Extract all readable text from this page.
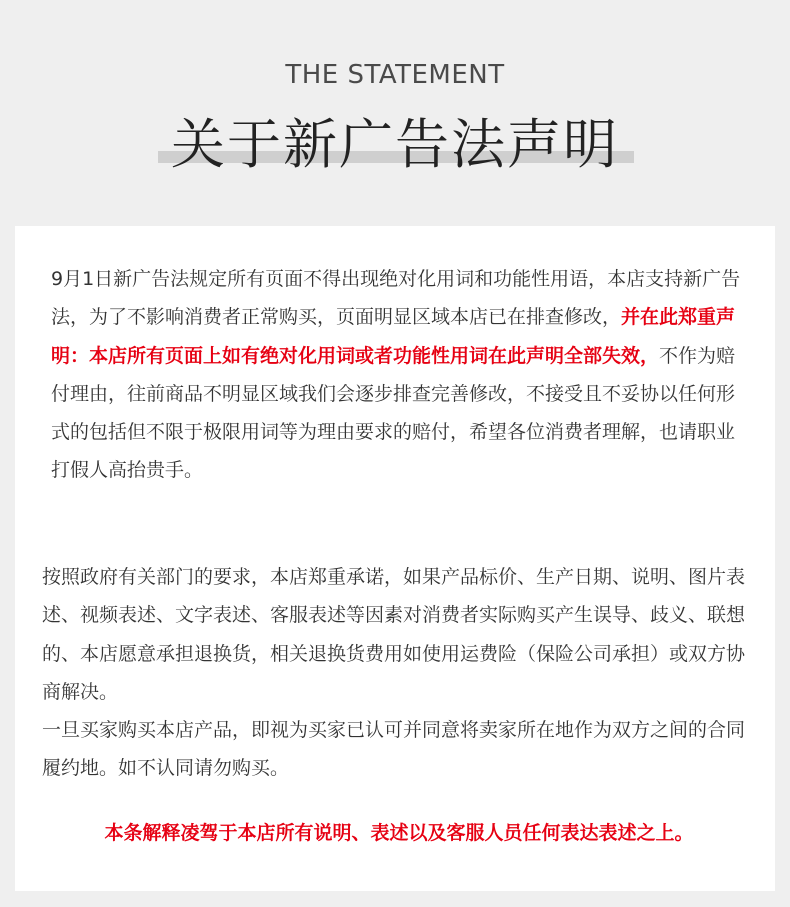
THE STATEMENT
关于新广告法声明
9月1日新广告法规定所有页面不得出现绝对化用词和功能性用语，本店支持新广告法，为了不影响消费者正常购买，页面明显区域本店已在排查修改，并在此郑重声明：本店所有页面上如有绝对化用词或者功能性用词在此声明全部失效，不作为赔付理由，往前商品不明显区域我们会逐步排查完善修改，不接受且不妥协以任何形式的包括但不限于极限用词等为理由要求的赔付，希望各位消费者理解，也请职业打假人高抬贵手。
按照政府有关部门的要求，本店郑重承诺，如果产品标价、生产日期、说明、图片表述、视频表述、文字表述、客服表述等因素对消费者实际购买产生误导、歧义、联想的、本店愿意承担退换货，相关退换货费用如使用运费险（保险公司承担）或双方协商解决。
一旦买家购买本店产品，即视为买家已认可并同意将卖家所在地作为双方之间的合同履约地。如不认同请勿购买。
本条解释凌驾于本店所有说明、表述以及客服人员任何表达表述之上。
